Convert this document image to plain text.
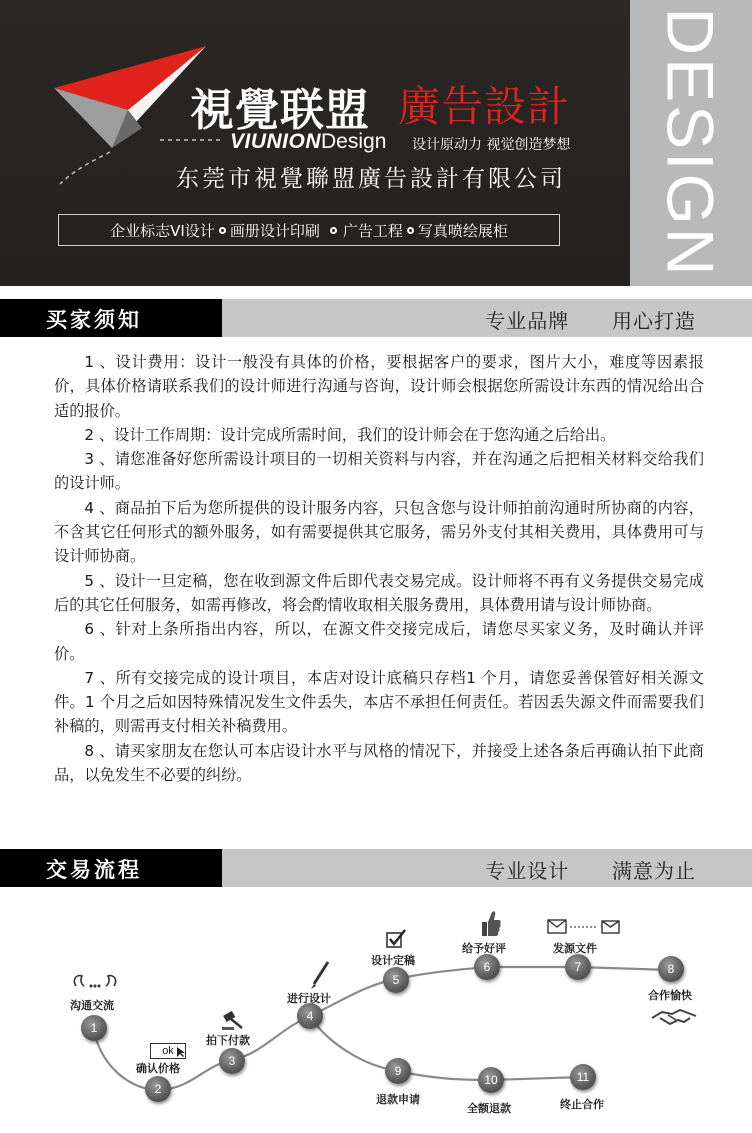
DESIGN
視覺联盟 廣告設計
VIUNIONDesign 设计原动力 视觉创造梦想
东莞市視覺聯盟廣告設計有限公司
企业标志VI设计 画册设计印刷 广告工程 写真喷绘展柜
买家须知	专业品牌  用心打造

1 、设计费用：设计一般没有具体的价格，要根据客户的要求，图片大小，难度等因素报价，具体价格请联系我们的设计师进行沟通与咨询，设计师会根据您所需设计东西的情况给出合适的报价。

2 、设计工作周期：设计完成所需时间，我们的设计师会在于您沟通之后给出。

3 、请您准备好您所需设计项目的一切相关资料与内容，并在沟通之后把相关材料交给我们的设计师。

4 、商品拍下后为您所提供的设计服务内容，只包含您与设计师拍前沟通时所协商的内容，不含其它任何形式的额外服务，如有需要提供其它服务，需另外支付其相关费用，具体费用可与设计师协商。

5 、设计一旦定稿，您在收到源文件后即代表交易完成。设计师将不再有义务提供交易完成后的其它任何服务，如需再修改，将会酌情收取相关服务费用，具体费用请与设计师协商。

6 、针对上条所指出内容，所以，在源文件交接完成后，请您尽买家义务，及时确认并评价。

7 、所有交接完成的设计项目，本店对设计底稿只存档1 个月，请您妥善保管好相关源文件。1 个月之后如因特殊情况发生文件丢失，本店不承担任何责任。若因丢失源文件而需要我们补稿的，则需再支付相关补稿费用。

8 、请买家朋友在您认可本店设计水平与风格的情况下，并接受上述各条后再确认拍下此商品，以免发生不必要的纠纷。

交易流程	专业设计  满意为止
1
2
3
4
5
6	7	8
9
10	11
沟通交流
确认价格
拍下付款
进行设计
设计定稿
给予好评	发源文件
合作愉快
退款申请
全额退款	终止合作
ok
